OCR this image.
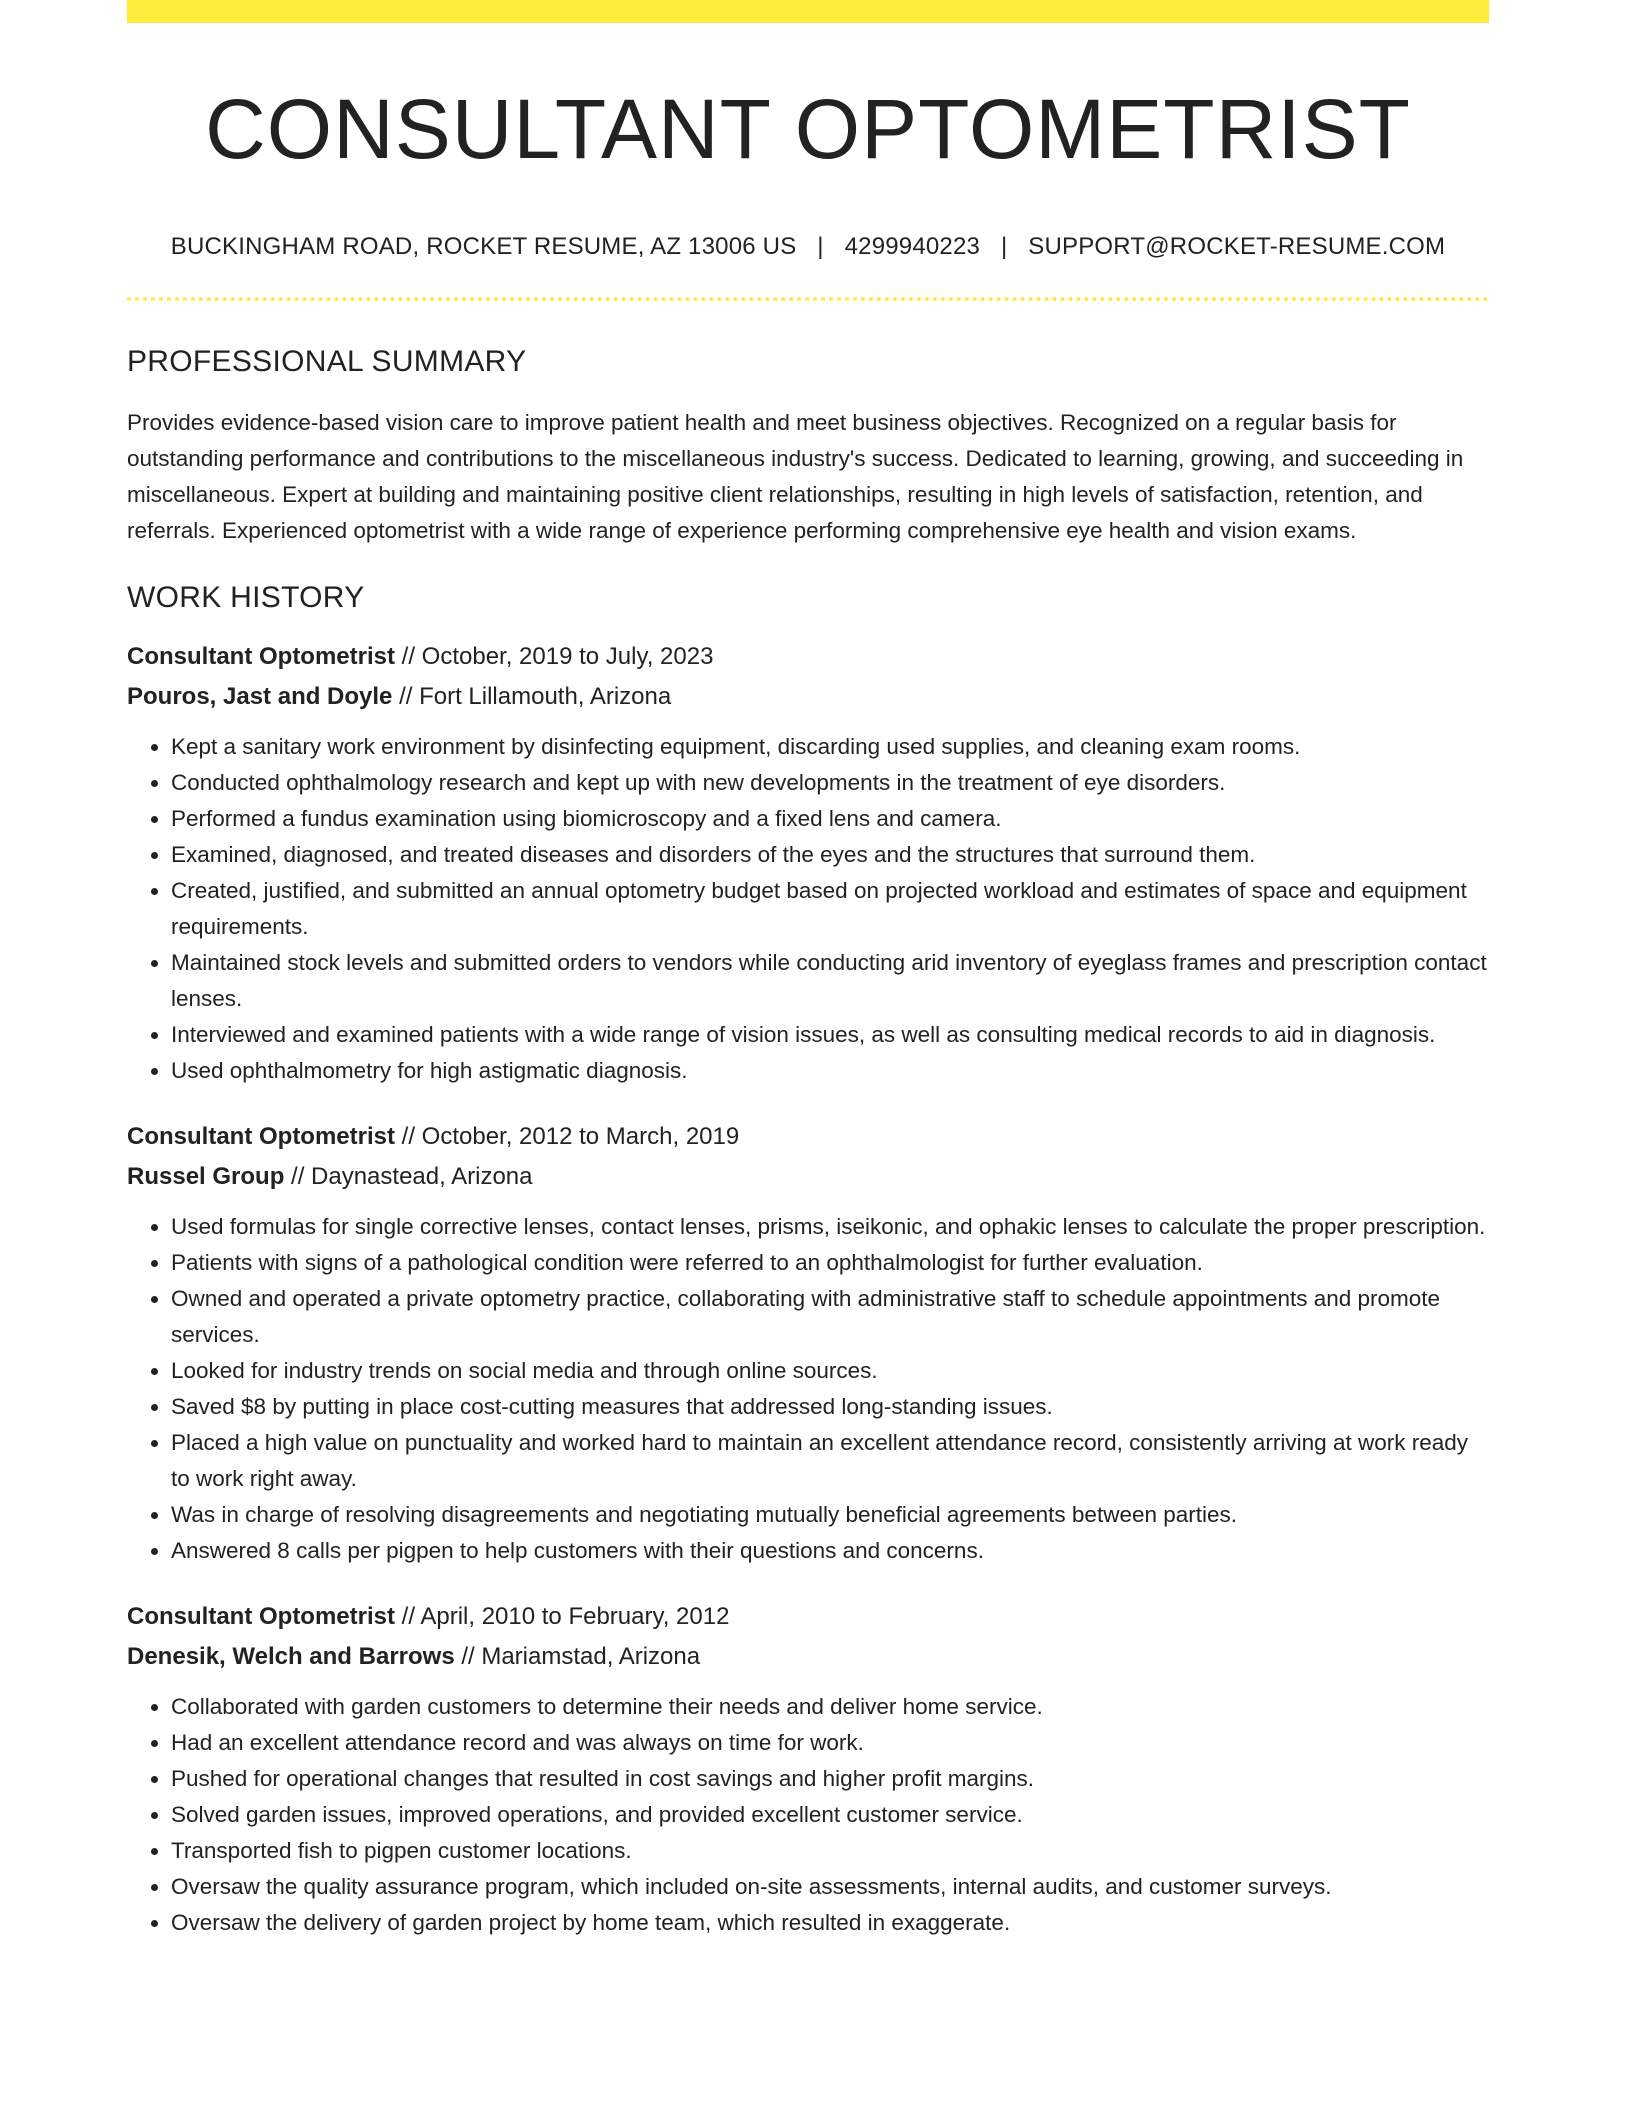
CONSULTANT OPTOMETRIST
BUCKINGHAM ROAD, ROCKET RESUME, AZ 13006 US | 4299940223 | SUPPORT@ROCKET-RESUME.COM
PROFESSIONAL SUMMARY
Provides evidence-based vision care to improve patient health and meet business objectives. Recognized on a regular basis for outstanding performance and contributions to the miscellaneous industry's success. Dedicated to learning, growing, and succeeding in miscellaneous. Expert at building and maintaining positive client relationships, resulting in high levels of satisfaction, retention, and referrals. Experienced optometrist with a wide range of experience performing comprehensive eye health and vision exams.
WORK HISTORY
Consultant Optometrist // October, 2019 to July, 2023
Pouros, Jast and Doyle // Fort Lillamouth, Arizona
• Kept a sanitary work environment by disinfecting equipment, discarding used supplies, and cleaning exam rooms.
• Conducted ophthalmology research and kept up with new developments in the treatment of eye disorders.
• Performed a fundus examination using biomicroscopy and a fixed lens and camera.
• Examined, diagnosed, and treated diseases and disorders of the eyes and the structures that surround them.
• Created, justified, and submitted an annual optometry budget based on projected workload and estimates of space and equipment requirements.
• Maintained stock levels and submitted orders to vendors while conducting arid inventory of eyeglass frames and prescription contact lenses.
• Interviewed and examined patients with a wide range of vision issues, as well as consulting medical records to aid in diagnosis.
• Used ophthalmometry for high astigmatic diagnosis.
Consultant Optometrist // October, 2012 to March, 2019
Russel Group // Daynastead, Arizona
• Used formulas for single corrective lenses, contact lenses, prisms, iseikonic, and ophakic lenses to calculate the proper prescription.
• Patients with signs of a pathological condition were referred to an ophthalmologist for further evaluation.
• Owned and operated a private optometry practice, collaborating with administrative staff to schedule appointments and promote services.
• Looked for industry trends on social media and through online sources.
• Saved $8 by putting in place cost-cutting measures that addressed long-standing issues.
• Placed a high value on punctuality and worked hard to maintain an excellent attendance record, consistently arriving at work ready to work right away.
• Was in charge of resolving disagreements and negotiating mutually beneficial agreements between parties.
• Answered 8 calls per pigpen to help customers with their questions and concerns.
Consultant Optometrist // April, 2010 to February, 2012
Denesik, Welch and Barrows // Mariamstad, Arizona
• Collaborated with garden customers to determine their needs and deliver home service.
• Had an excellent attendance record and was always on time for work.
• Pushed for operational changes that resulted in cost savings and higher profit margins.
• Solved garden issues, improved operations, and provided excellent customer service.
• Transported fish to pigpen customer locations.
• Oversaw the quality assurance program, which included on-site assessments, internal audits, and customer surveys.
• Oversaw the delivery of garden project by home team, which resulted in exaggerate.
